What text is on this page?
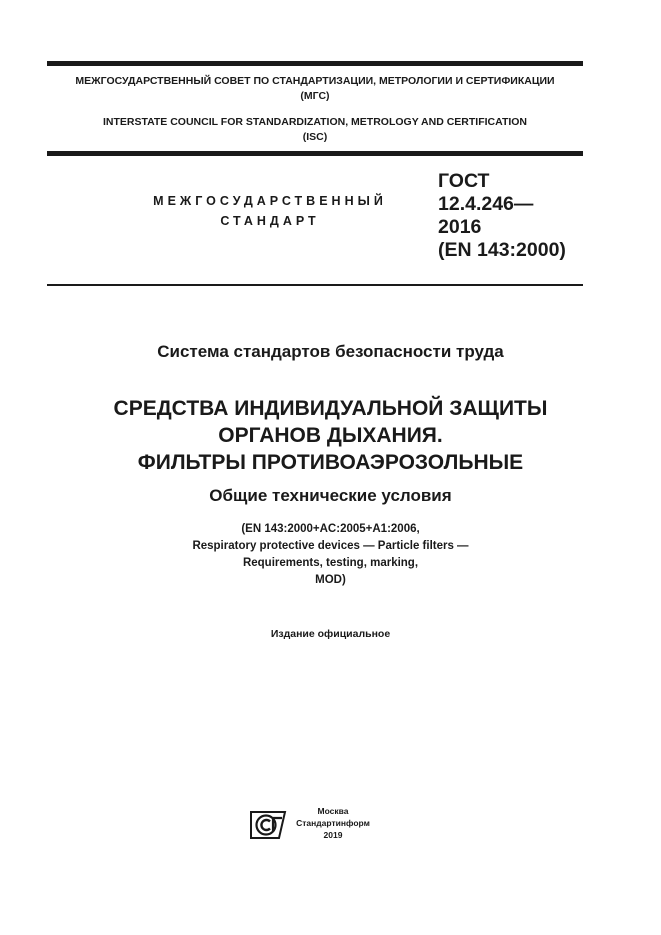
МЕЖГОСУДАРСТВЕННЫЙ СОВЕТ ПО СТАНДАРТИЗАЦИИ, МЕТРОЛОГИИ И СЕРТИФИКАЦИИ
(МГС)
INTERSTATE COUNCIL FOR STANDARDIZATION, METROLOGY AND CERTIFICATION
(ISC)
МЕЖГОСУДАРСТВЕННЫЙ
СТАНДАРТ
ГОСТ
12.4.246—
2016
(EN 143:2000)
Система стандартов безопасности труда
СРЕДСТВА ИНДИВИДУАЛЬНОЙ ЗАЩИТЫ
ОРГАНОВ ДЫХАНИЯ.
ФИЛЬТРЫ ПРОТИВОАЭРОЗОЛЬНЫЕ
Общие технические условия
(EN 143:2000+AC:2005+A1:2006,
Respiratory protective devices — Particle filters —
Requirements, testing, marking,
MOD)
Издание официальное
Москва
Стандартинформ
2019
